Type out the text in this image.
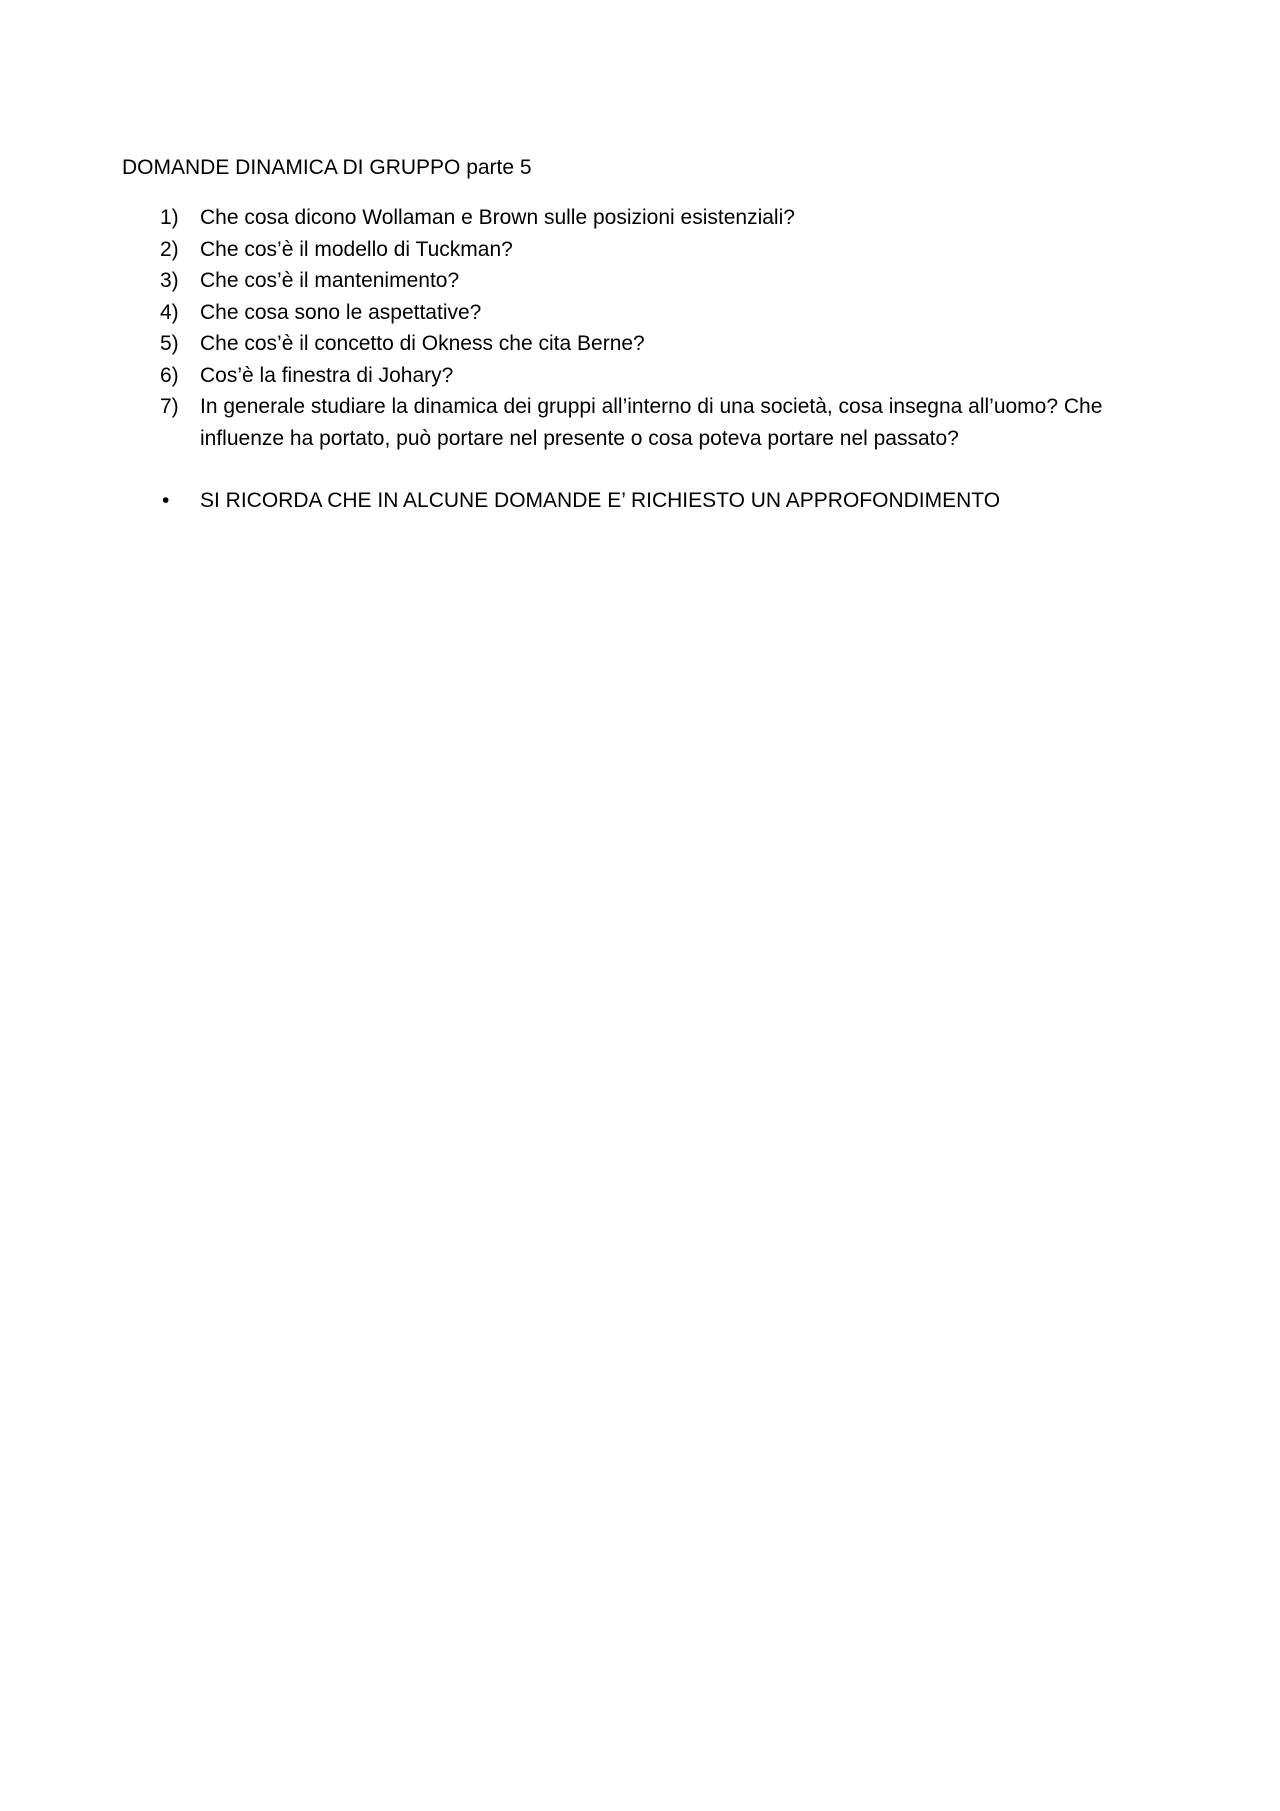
DOMANDE DINAMICA DI GRUPPO parte 5
1)	Che cosa dicono Wollaman e Brown sulle posizioni esistenziali?
2)	Che cos’è il modello di Tuckman?
3)	Che cos’è il mantenimento?
4)	Che cosa sono le aspettative?
5)	Che cos’è il concetto di Okness che cita Berne?
6)	Cos’è la finestra di Johary?
7)	In generale studiare la dinamica dei gruppi all’interno di una società, cosa insegna all’uomo? Che influenze ha portato, può portare nel presente o cosa poteva portare nel passato?
•	SI RICORDA CHE IN ALCUNE DOMANDE E’ RICHIESTO UN APPROFONDIMENTO
